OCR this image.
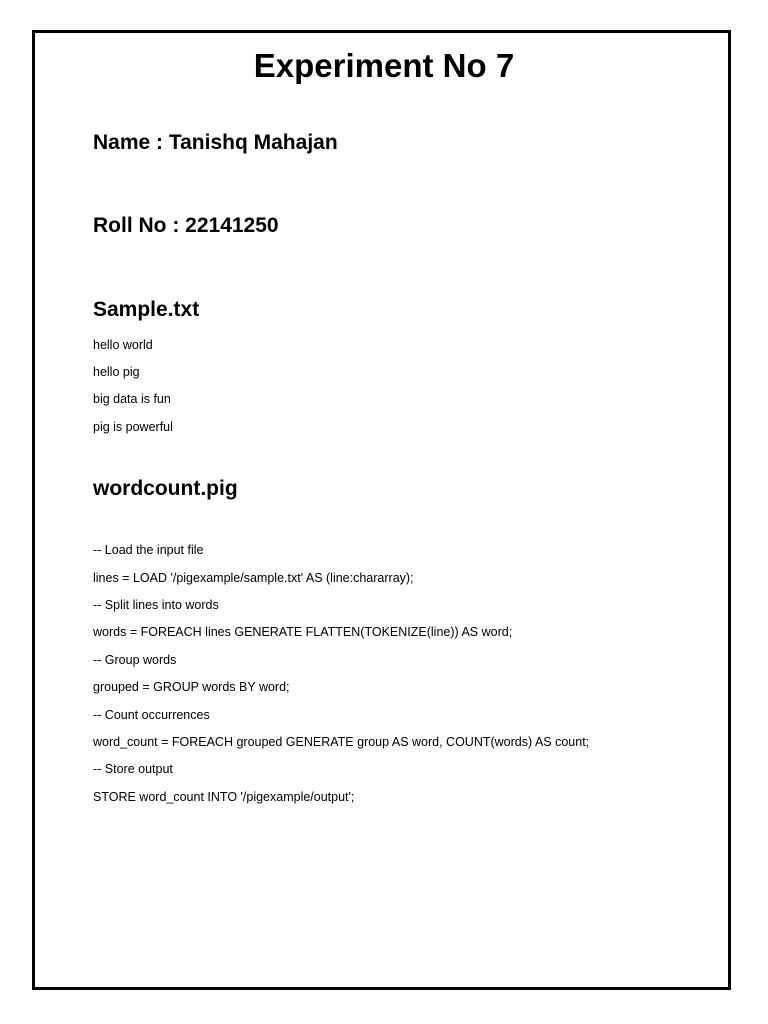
Experiment No 7
Name : Tanishq Mahajan
Roll No : 22141250
Sample.txt
hello world
hello pig
big data is fun
pig is powerful
wordcount.pig
-- Load the input file
lines = LOAD '/pigexample/sample.txt' AS (line:chararray);
-- Split lines into words
words = FOREACH lines GENERATE FLATTEN(TOKENIZE(line)) AS word;
-- Group words
grouped = GROUP words BY word;
-- Count occurrences
word_count = FOREACH grouped GENERATE group AS word, COUNT(words) AS count;
-- Store output
STORE word_count INTO '/pigexample/output';
